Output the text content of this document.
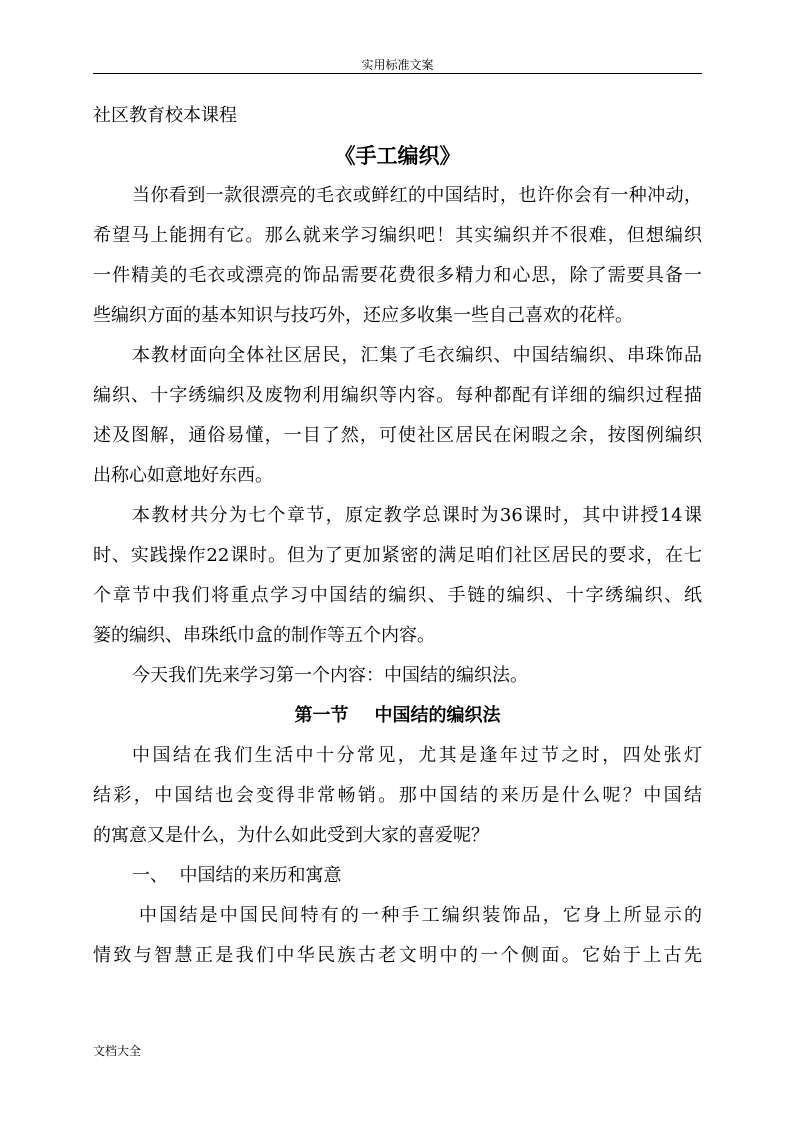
实用标准文案
社区教育校本课程
《手工编织》
当你看到一款很漂亮的毛衣或鲜红的中国结时，也许你会有一种冲动，
希望马上能拥有它。那么就来学习编织吧！其实编织并不很难，但想编织
一件精美的毛衣或漂亮的饰品需要花费很多精力和心思，除了需要具备一
些编织方面的基本知识与技巧外，还应多收集一些自己喜欢的花样。
本教材面向全体社区居民，汇集了毛衣编织、中国结编织、串珠饰品
编织、十字绣编织及废物利用编织等内容。每种都配有详细的编织过程描
述及图解，通俗易懂，一目了然，可使社区居民在闲暇之余，按图例编织
出称心如意地好东西。
本教材共分为七个章节，原定教学总课时为36课时，其中讲授14课
时、实践操作22课时。但为了更加紧密的满足咱们社区居民的要求，在七
个章节中我们将重点学习中国结的编织、手链的编织、十字绣编织、纸
篓的编织、串珠纸巾盒的制作等五个内容。
今天我们先来学习第一个内容：中国结的编织法。
第一节 中国结的编织法
中国结在我们生活中十分常见，尤其是逢年过节之时，四处张灯
结彩，中国结也会变得非常畅销。那中国结的来历是什么呢？中国结
的寓意又是什么，为什么如此受到大家的喜爱呢？
一、  中国结的来历和寓意
中国结是中国民间特有的一种手工编织装饰品，它身上所显示的
情致与智慧正是我们中华民族古老文明中的一个侧面。它始于上古先
文档大全
